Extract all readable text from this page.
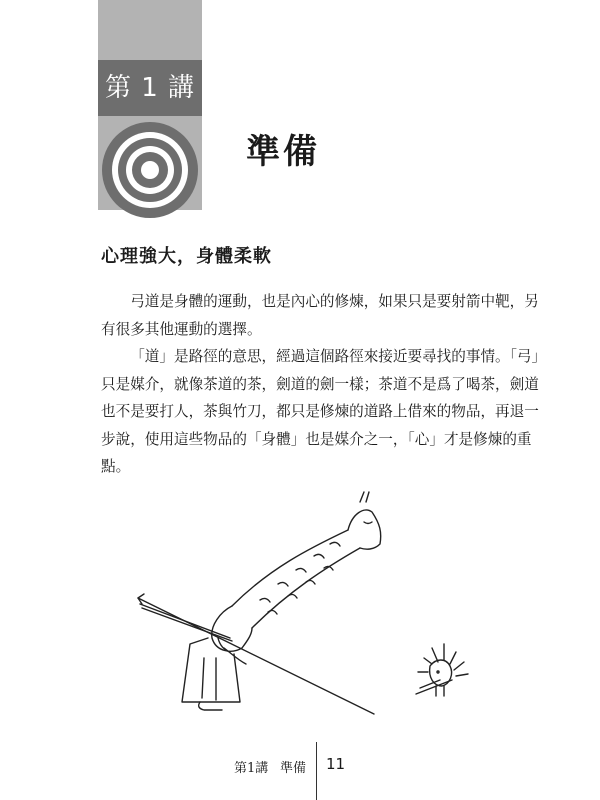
第 1 講
準備
心理強大，身體柔軟

弓道是身體的運動，也是內心的修煉，如果只是要射箭中靶，另有很多其他運動的選擇。

「道」是路徑的意思，經過這個路徑來接近要尋找的事情。「弓」只是媒介，就像茶道的茶，劍道的劍一樣；茶道不是爲了喝茶，劍道也不是要打人，茶與竹刀，都只是修煉的道路上借來的物品，再退一步說，使用這些物品的「身體」也是媒介之一，「心」才是修煉的重點。

第1講 準備 11
